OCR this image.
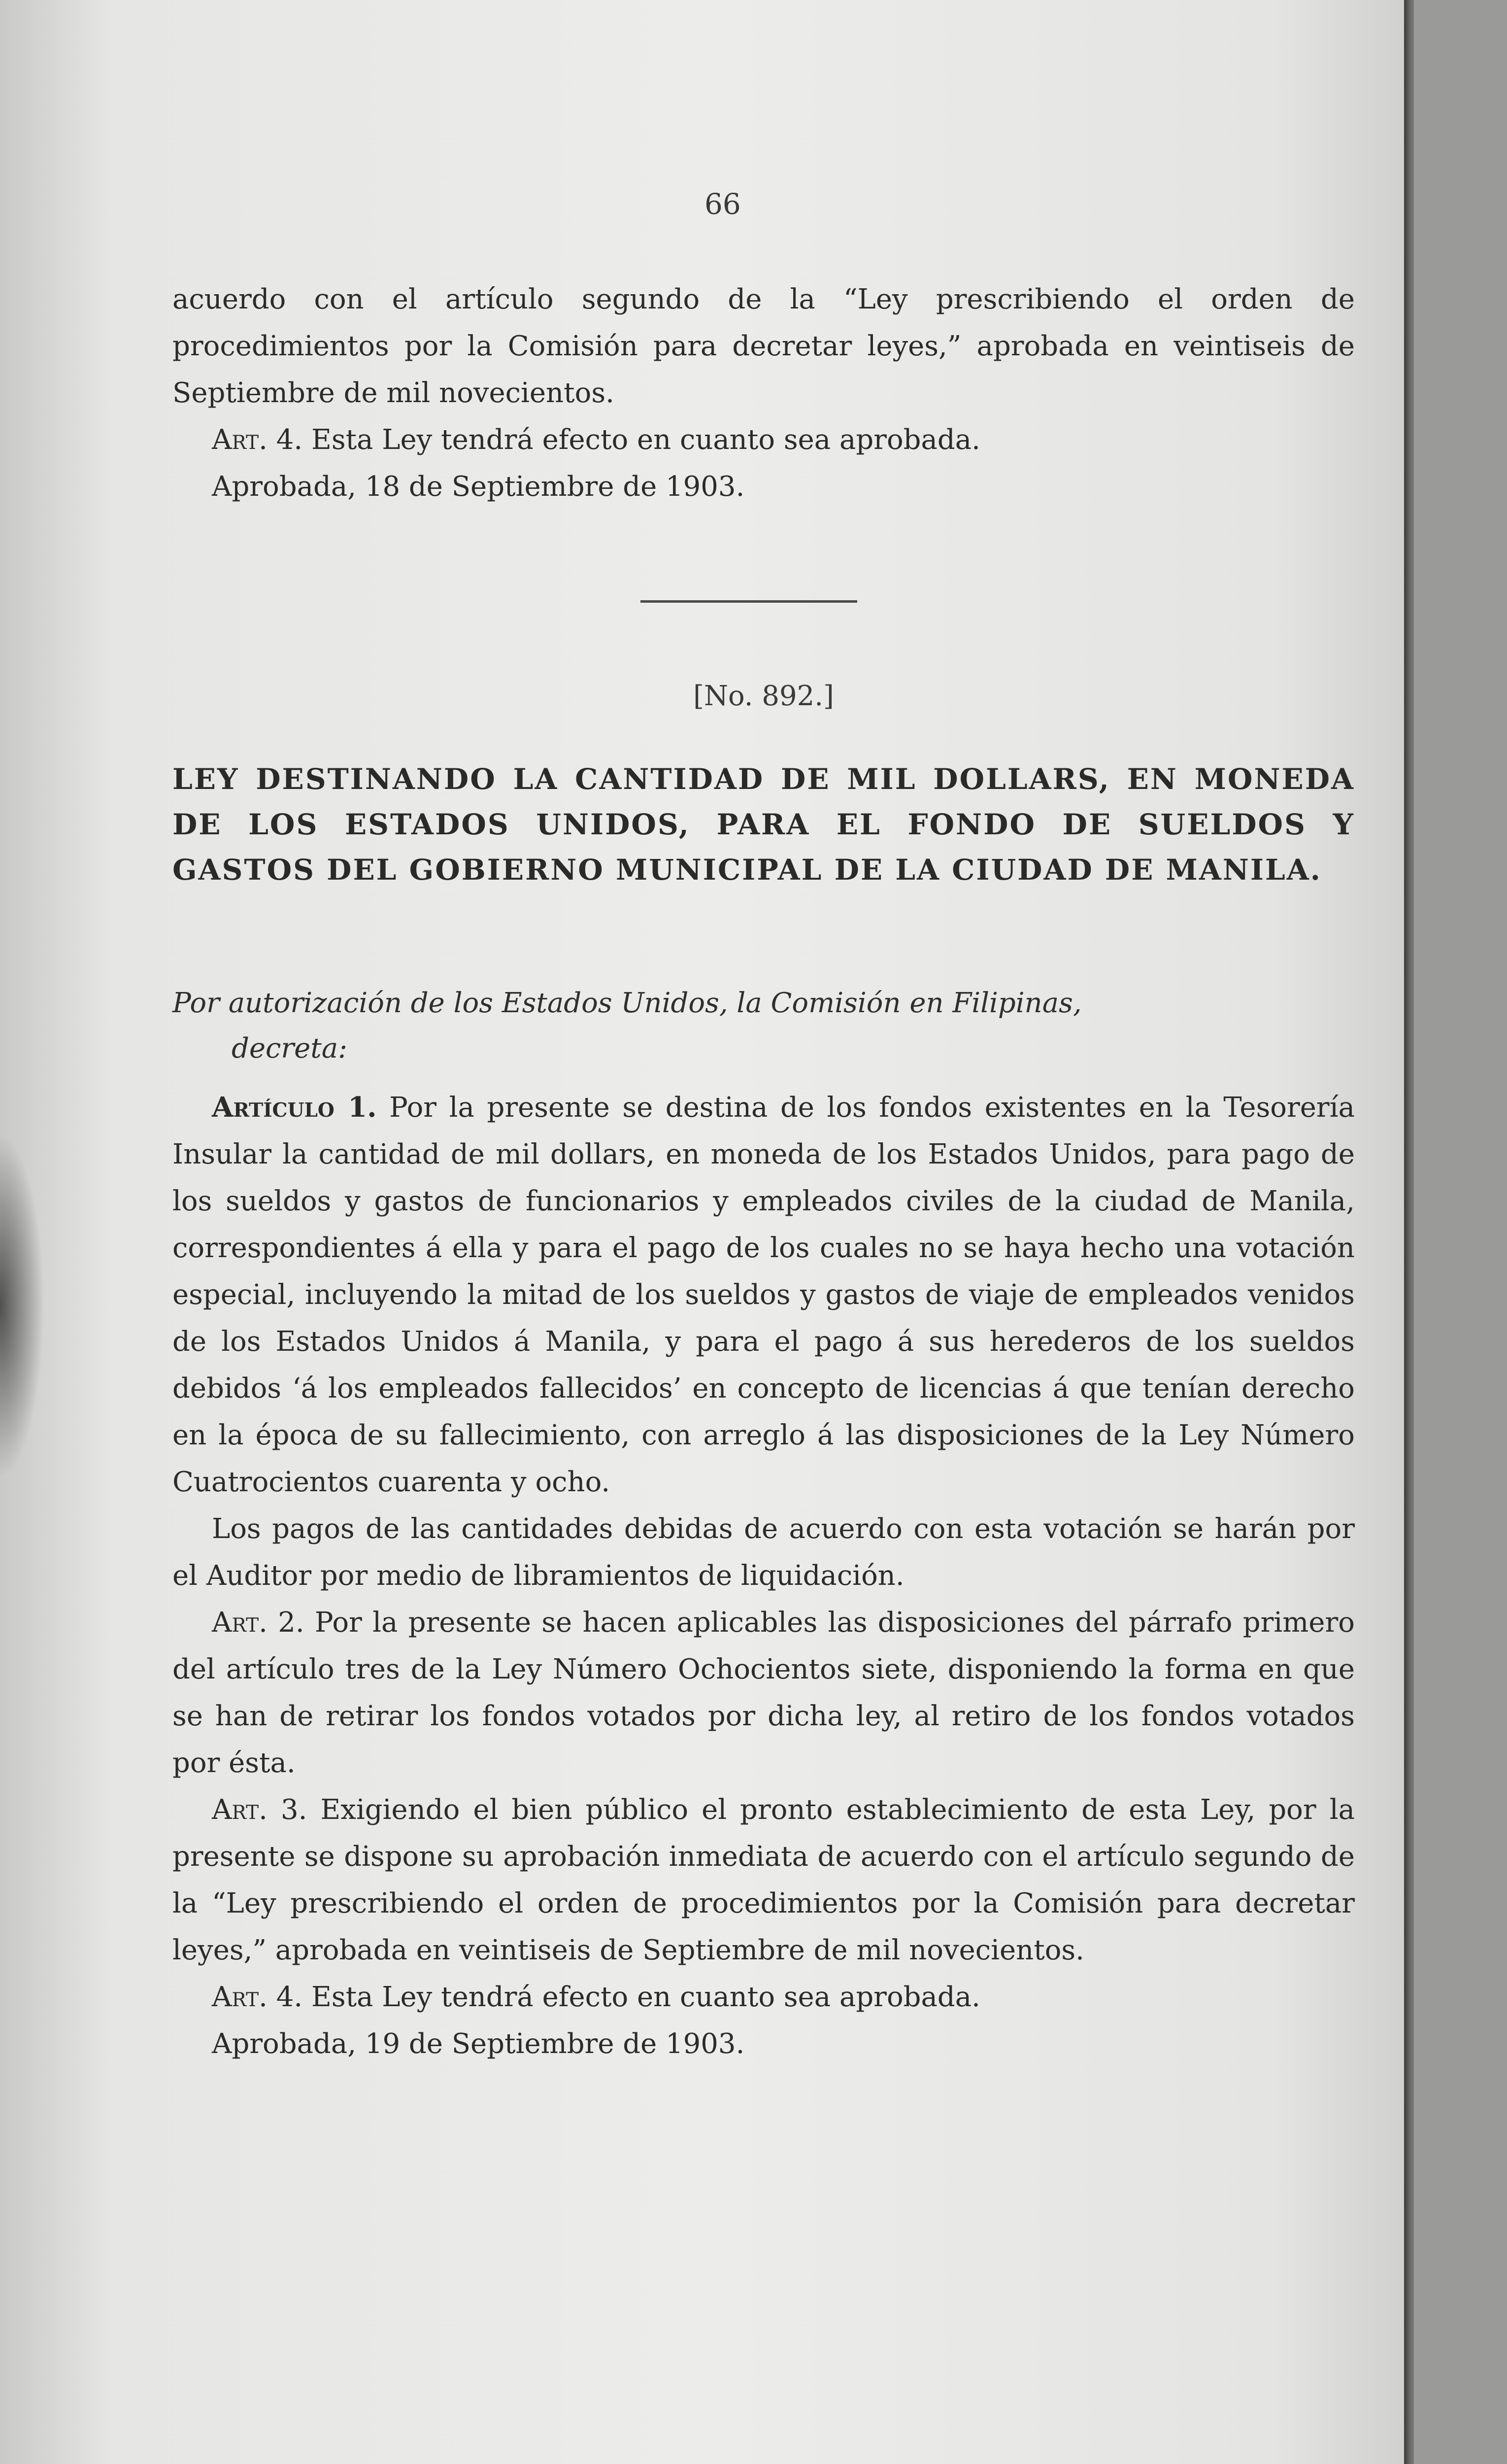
66

acuerdo con el artículo segundo de la “Ley prescribiendo el orden de procedimientos por la Comisión para decretar leyes,” aprobada en veintiseis de Septiembre de mil novecientos.

Art. 4. Esta Ley tendrá efecto en cuanto sea aprobada.

Aprobada, 18 de Septiembre de 1903.

[No. 892.]
LEY DESTINANDO LA CANTIDAD DE MIL DOLLARS, EN MONEDA DE LOS ESTADOS UNIDOS, PARA EL FONDO DE SUELDOS Y GASTOS DEL GOBIERNO MUNICIPAL DE LA CIUDAD DE MANILA.
Por autorización de los Estados Unidos, la Comisión en Filipinas,
decreta:

Artículo 1. Por la presente se destina de los fondos existentes en la Tesorería Insular la cantidad de mil dollars, en moneda de los Estados Unidos, para pago de los sueldos y gastos de funcionarios y empleados civiles de la ciudad de Manila, correspondientes á ella y para el pago de los cuales no se haya hecho una votación especial, incluyendo la mitad de los sueldos y gastos de viaje de empleados venidos de los Estados Unidos á Manila, y para el pago á sus herederos de los sueldos debidos ‘á los empleados fallecidos’ en concepto de licencias á que tenían derecho en la época de su fallecimiento, con arreglo á las disposiciones de la Ley Número Cuatrocientos cuarenta y ocho.

Los pagos de las cantidades debidas de acuerdo con esta votación se harán por el Auditor por medio de libramientos de liquidación.

Art. 2. Por la presente se hacen aplicables las disposiciones del párrafo primero del artículo tres de la Ley Número Ochocientos siete, disponiendo la forma en que se han de retirar los fondos votados por dicha ley, al retiro de los fondos votados por ésta.

Art. 3. Exigiendo el bien público el pronto establecimiento de esta Ley, por la presente se dispone su aprobación inmediata de acuerdo con el artículo segundo de la “Ley prescribiendo el orden de procedimientos por la Comisión para decretar leyes,” aprobada en veintiseis de Septiembre de mil novecientos.

Art. 4. Esta Ley tendrá efecto en cuanto sea aprobada.

Aprobada, 19 de Septiembre de 1903.
